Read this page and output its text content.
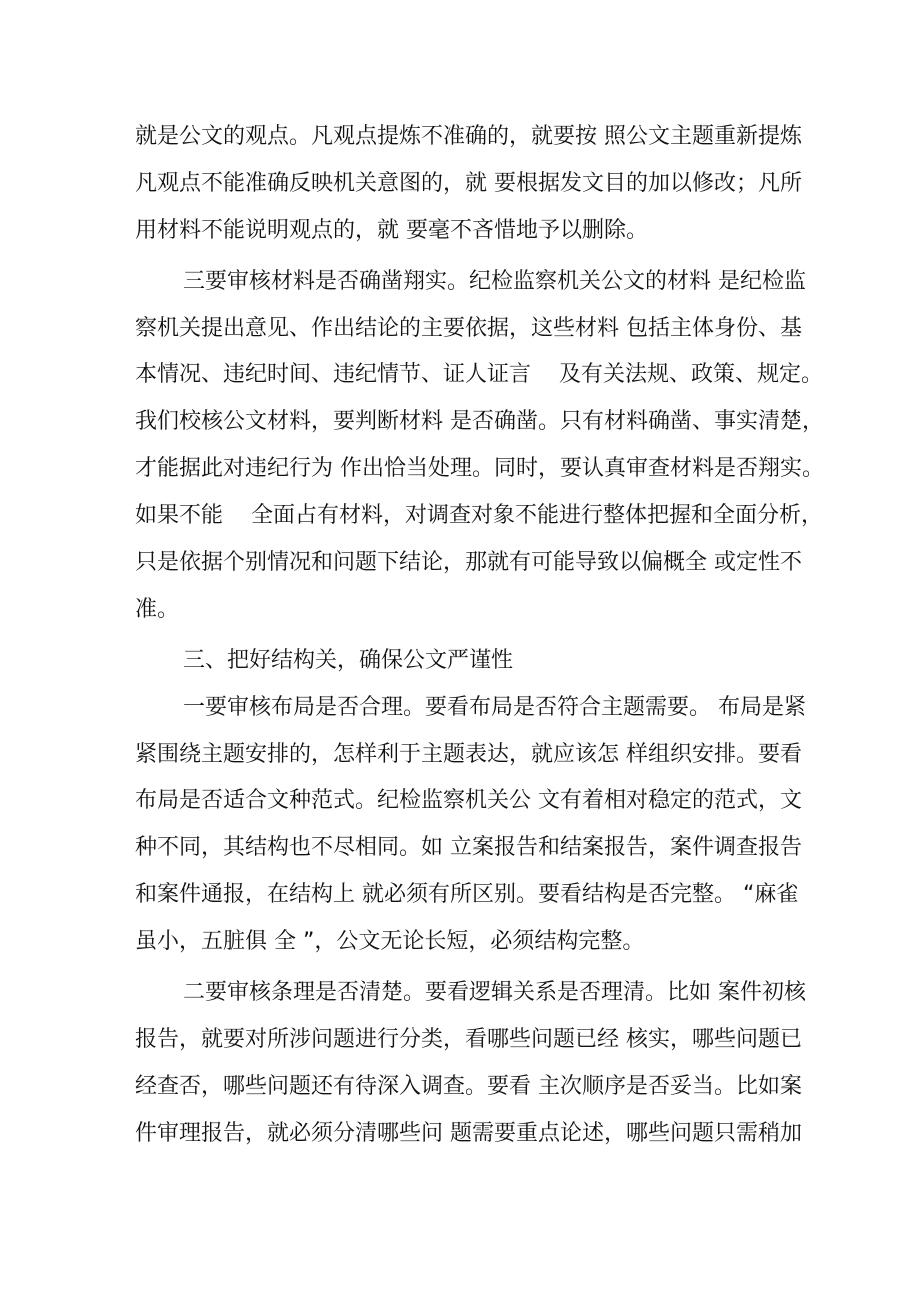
就是公文的观点。凡观点提炼不准确的，就要按 照公文主题重新提炼
凡观点不能准确反映机关意图的，就 要根据发文目的加以修改；凡所
用材料不能说明观点的，就 要毫不吝惜地予以删除。
三要审核材料是否确凿翔实。纪检监察机关公文的材料 是纪检监
察机关提出意见、作出结论的主要依据，这些材料 包括主体身份、基
本情况、违纪时间、违纪情节、证人证言    及有关法规、政策、规定。
我们校核公文材料，要判断材料 是否确凿。只有材料确凿、事实清楚，
才能据此对违纪行为 作出恰当处理。同时，要认真审查材料是否翔实。
如果不能    全面占有材料，对调查对象不能进行整体把握和全面分析，
只是依据个别情况和问题下结论，那就有可能导致以偏概全 或定性不
准。
三、把好结构关，确保公文严谨性
一要审核布局是否合理。要看布局是否符合主题需要。 布局是紧
紧围绕主题安排的，怎样利于主题表达，就应该怎 样组织安排。要看
布局是否适合文种范式。纪检监察机关公 文有着相对稳定的范式，文
种不同，其结构也不尽相同。如 立案报告和结案报告，案件调查报告
和案件通报，在结构上 就必须有所区别。要看结构是否完整。 “麻雀
虽小，五脏俱 全 ”，公文无论长短，必须结构完整。
二要审核条理是否清楚。要看逻辑关系是否理清。比如 案件初核
报告，就要对所涉问题进行分类，看哪些问题已经 核实，哪些问题已
经查否，哪些问题还有待深入调查。要看 主次顺序是否妥当。比如案
件审理报告，就必须分清哪些问 题需要重点论述，哪些问题只需稍加
